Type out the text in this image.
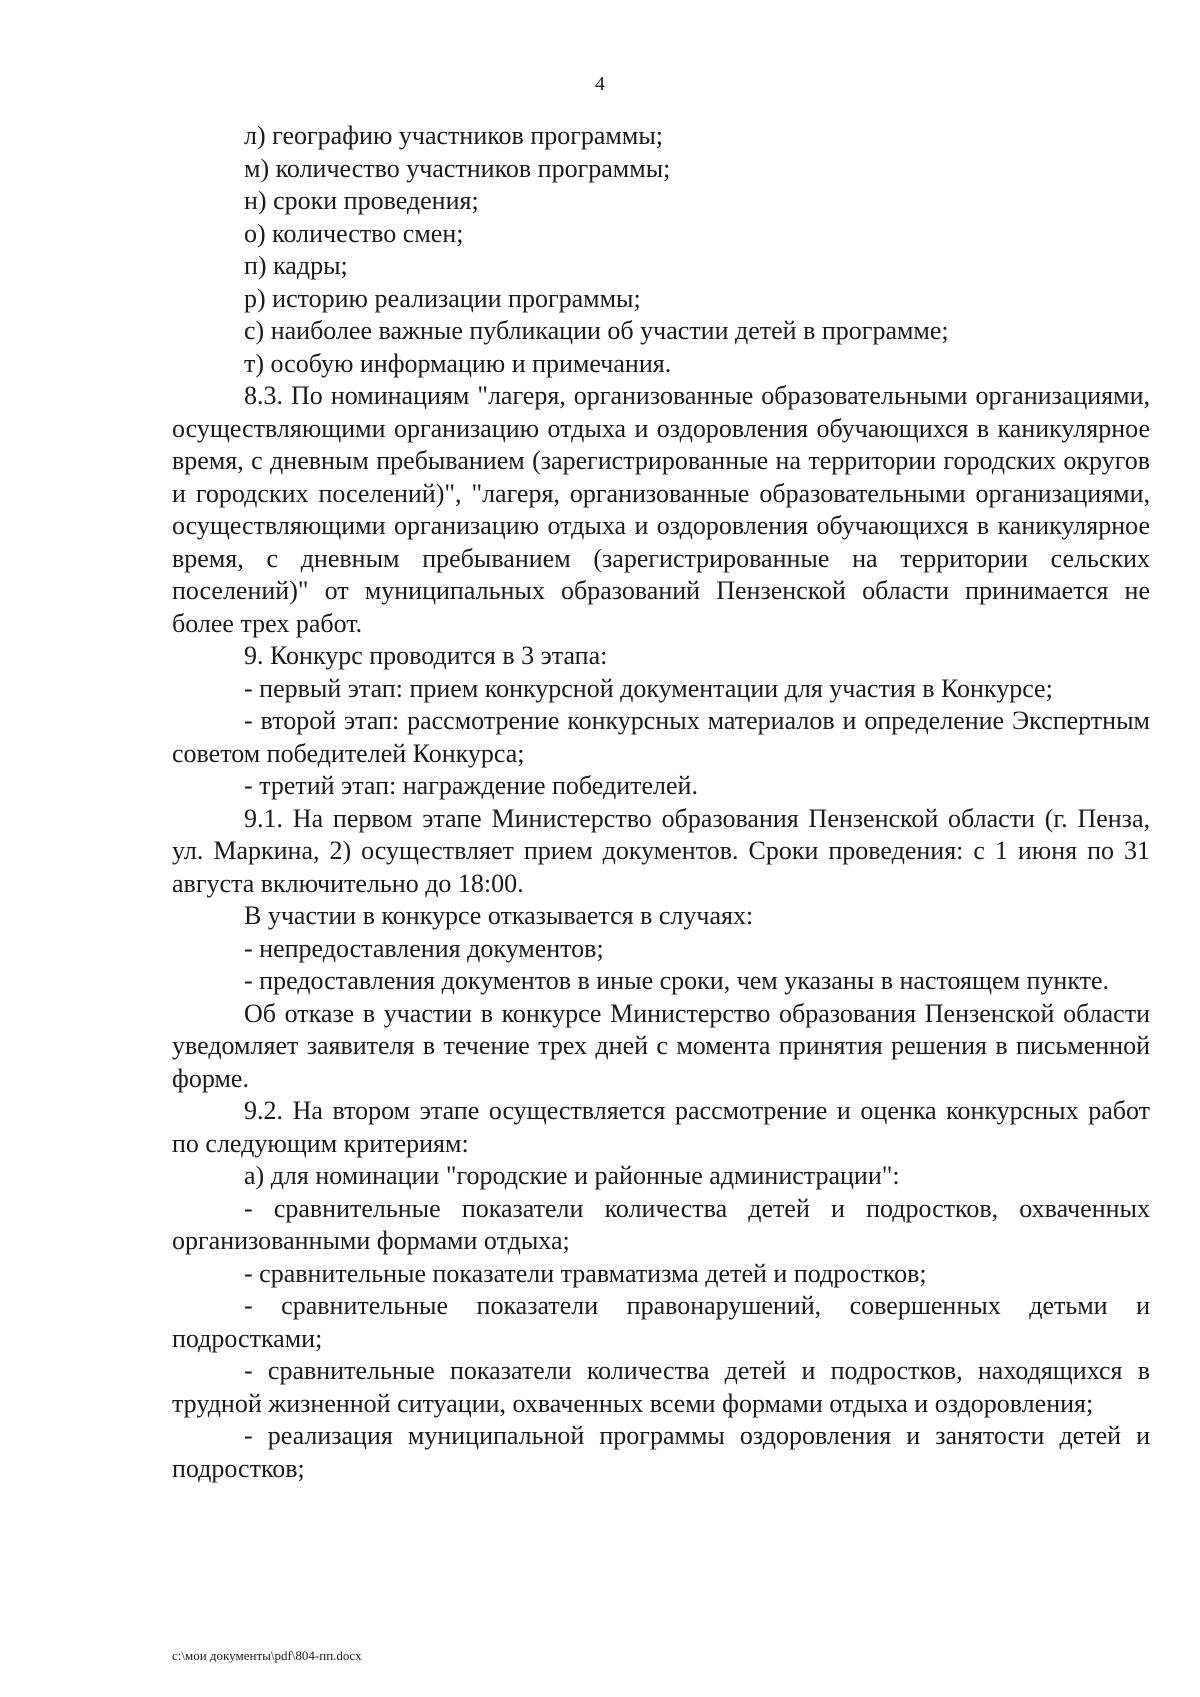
4

л) географию участников программы;

м) количество участников программы;

н) сроки проведения;

о) количество смен;

п) кадры;

р) историю реализации программы;

с) наиболее важные публикации об участии детей в программе;

т) особую информацию и примечания.

8.3. По номинациям "лагеря, организованные образовательными организациями, осуществляющими организацию отдыха и оздоровления обучающихся в каникулярное время, с дневным пребыванием (зарегистрированные на территории городских округов и городских поселений)", "лагеря, организованные образовательными организациями, осуществляющими организацию отдыха и оздоровления обучающихся в каникулярное время, с дневным пребыванием (зарегистрированные на территории сельских поселений)" от муниципальных образований Пензенской области принимается не более трех работ.

9. Конкурс проводится в 3 этапа:

- первый этап: прием конкурсной документации для участия в Конкурсе;

- второй этап: рассмотрение конкурсных материалов и определение Экспертным советом победителей Конкурса;

- третий этап: награждение победителей.

9.1. На первом этапе Министерство образования Пензенской области (г. Пенза, ул. Маркина, 2) осуществляет прием документов. Сроки проведения: с 1 июня по 31 августа включительно до 18:00.

В участии в конкурсе отказывается в случаях:

- непредоставления документов;

- предоставления документов в иные сроки, чем указаны в настоящем пункте.

Об отказе в участии в конкурсе Министерство образования Пензенской области уведомляет заявителя в течение трех дней с момента принятия решения в письменной форме.

9.2. На втором этапе осуществляется рассмотрение и оценка конкурсных работ по следующим критериям:

а) для номинации "городские и районные администрации":

- сравнительные показатели количества детей и подростков, охваченных организованными формами отдыха;

- сравнительные показатели травматизма детей и подростков;

- сравнительные показатели правонарушений, совершенных детьми и подростками;

- сравнительные показатели количества детей и подростков, находящихся в трудной жизненной ситуации, охваченных всеми формами отдыха и оздоровления;

- реализация муниципальной программы оздоровления и занятости детей и подростков;

c:\мои документы\pdf\804-пп.docx
